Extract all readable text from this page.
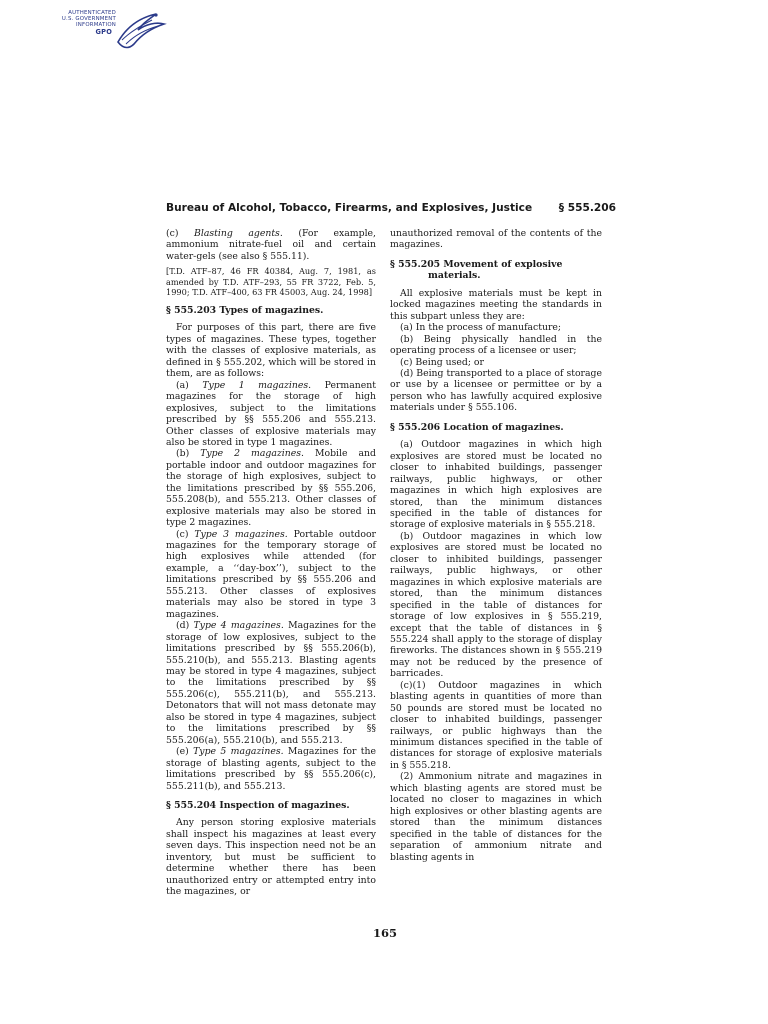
AUTHENTICATED
U.S. GOVERNMENT
INFORMATION
GPO
Bureau of Alcohol, Tobacco, Firearms, and Explosives, Justice	§ 555.206

(c) Blasting agents. (For example, ammonium nitrate-fuel oil and certain water-gels (see also § 555.11).

[T.D. ATF–87, 46 FR 40384, Aug. 7, 1981, as amended by T.D. ATF–293, 55 FR 3722, Feb. 5, 1990; T.D. ATF–400, 63 FR 45003, Aug. 24, 1998]

§ 555.203 Types of magazines.

For purposes of this part, there are five types of magazines. These types, together with the classes of explosive materials, as defined in § 555.202, which will be stored in them, are as follows:

(a) Type 1 magazines. Permanent magazines for the storage of high explosives, subject to the limitations prescribed by §§ 555.206 and 555.213. Other classes of explosive materials may also be stored in type 1 magazines.

(b) Type 2 magazines. Mobile and portable indoor and outdoor magazines for the storage of high explosives, subject to the limitations prescribed by §§ 555.206, 555.208(b), and 555.213. Other classes of explosive materials may also be stored in type 2 magazines.

(c) Type 3 magazines. Portable outdoor magazines for the temporary storage of high explosives while attended (for example, a ‘‘day-box’’), subject to the limitations prescribed by §§ 555.206 and 555.213. Other classes of explosives materials may also be stored in type 3 magazines.

(d) Type 4 magazines. Magazines for the storage of low explosives, subject to the limitations prescribed by §§ 555.206(b), 555.210(b), and 555.213. Blasting agents may be stored in type 4 magazines, subject to the limitations prescribed by §§ 555.206(c), 555.211(b), and 555.213. Detonators that will not mass detonate may also be stored in type 4 magazines, subject to the limitations prescribed by §§ 555.206(a), 555.210(b), and 555.213.

(e) Type 5 magazines. Magazines for the storage of blasting agents, subject to the limitations prescribed by §§ 555.206(c), 555.211(b), and 555.213.

§ 555.204 Inspection of magazines.

Any person storing explosive materials shall inspect his magazines at least every seven days. This inspection need not be an inventory, but must be sufficient to determine whether there has been unauthorized entry or attempted entry into the magazines, or

unauthorized removal of the contents of the magazines.

§ 555.205 Movement of explosive materials.

All explosive materials must be kept in locked magazines meeting the standards in this subpart unless they are:

(a) In the process of manufacture;

(b) Being physically handled in the operating process of a licensee or user;

(c) Being used; or

(d) Being transported to a place of storage or use by a licensee or permittee or by a person who has lawfully acquired explosive materials under § 555.106.

§ 555.206 Location of magazines.

(a) Outdoor magazines in which high explosives are stored must be located no closer to inhabited buildings, passenger railways, public highways, or other magazines in which high explosives are stored, than the minimum distances specified in the table of distances for storage of explosive materials in § 555.218.

(b) Outdoor magazines in which low explosives are stored must be located no closer to inhibited buildings, passenger railways, public highways, or other magazines in which explosive materials are stored, than the minimum distances specified in the table of distances for storage of low explosives in § 555.219, except that the table of distances in § 555.224 shall apply to the storage of display fireworks. The distances shown in § 555.219 may not be reduced by the presence of barricades.

(c)(1) Outdoor magazines in which blasting agents in quantities of more than 50 pounds are stored must be located no closer to inhabited buildings, passenger railways, or public highways than the minimum distances specified in the table of distances for storage of explosive materials in § 555.218.

(2) Ammonium nitrate and magazines in which blasting agents are stored must be located no closer to magazines in which high explosives or other blasting agents are stored than the minimum distances specified in the table of distances for the separation of ammonium nitrate and blasting agents in

165
